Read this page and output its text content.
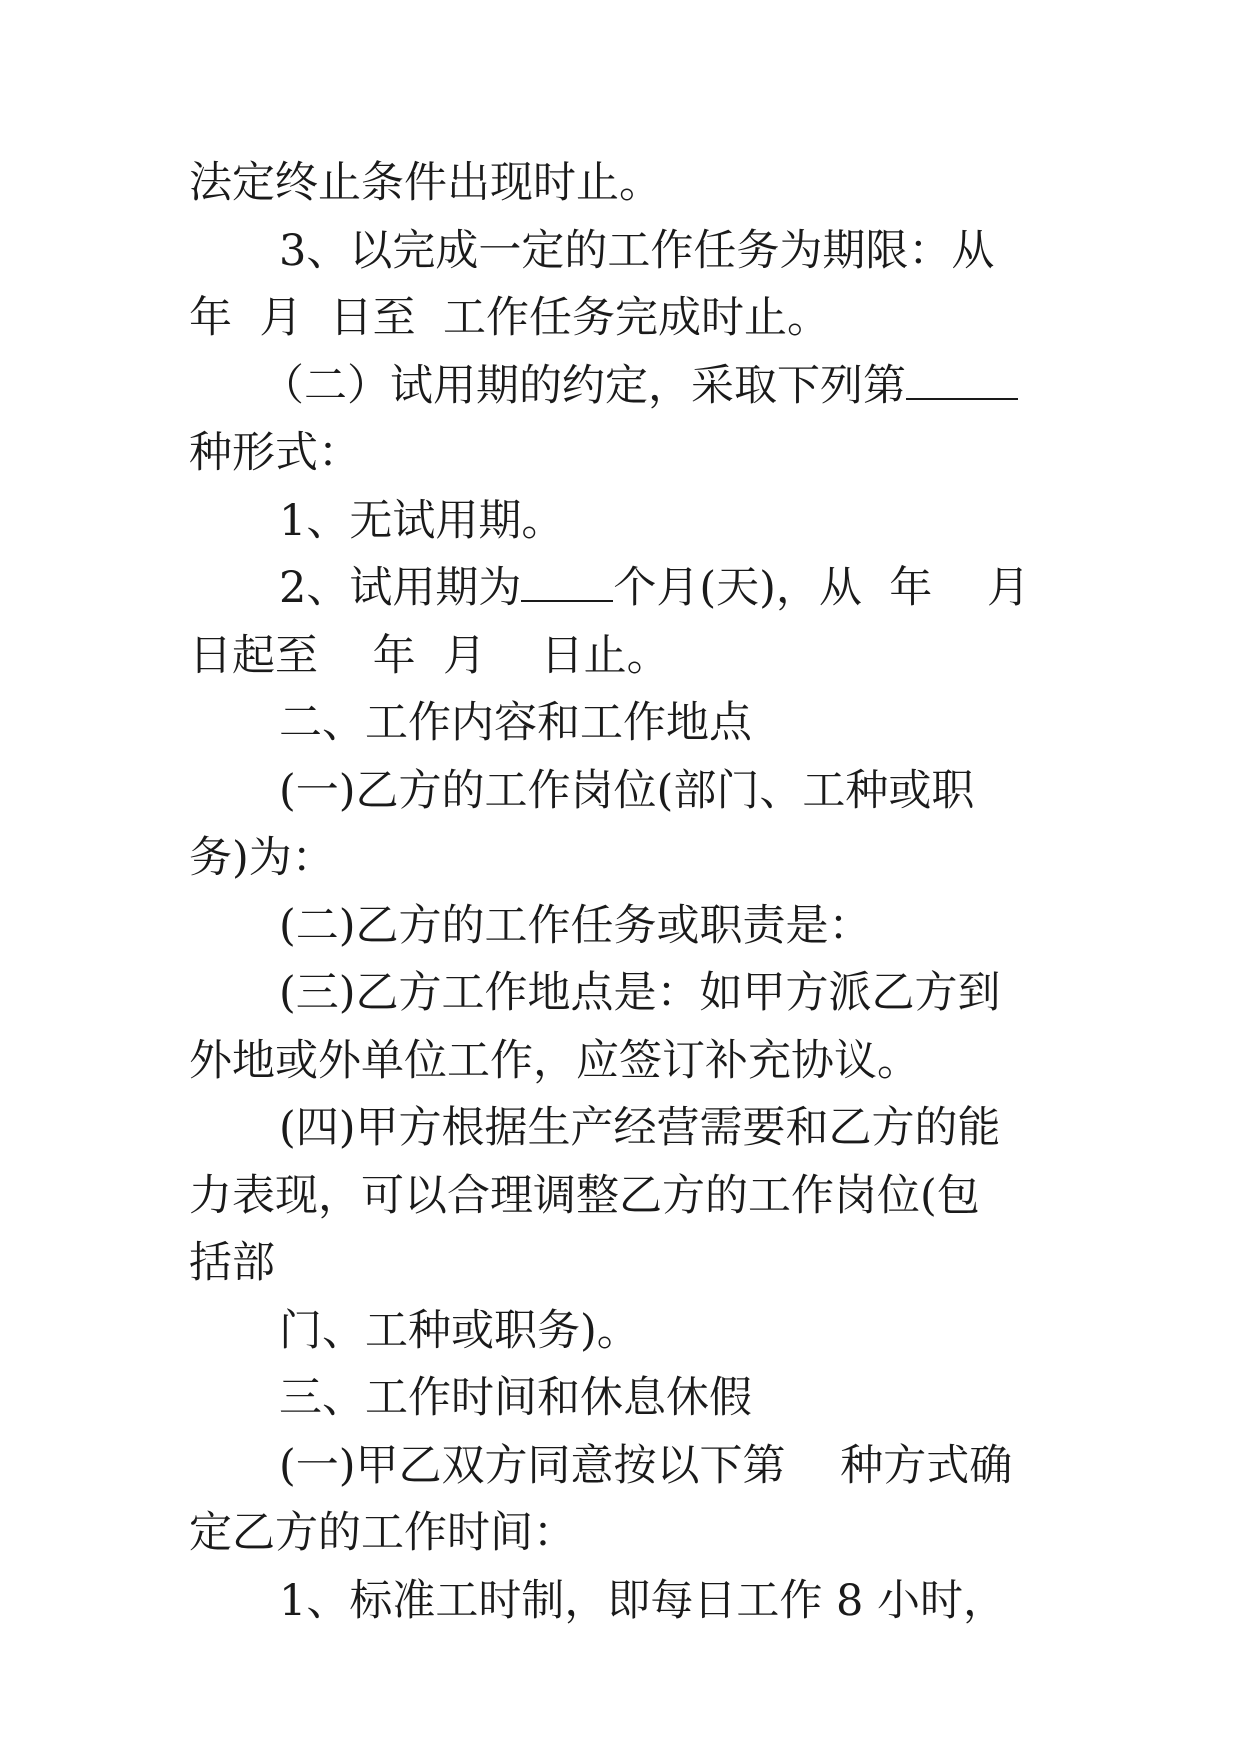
法定终止条件出现时止。
3、以完成一定的工作任务为期限：从
年  月  日至  工作任务完成时止。
（二）试用期的约定，采取下列第
种形式：
1、无试用期。
2、试用期为 个月(天)，从  年    月
日起至    年  月    日止。
二、工作内容和工作地点
(一)乙方的工作岗位(部门、工种或职
务)为：
(二)乙方的工作任务或职责是：
(三)乙方工作地点是：如甲方派乙方到
外地或外单位工作，应签订补充协议。
(四)甲方根据生产经营需要和乙方的能
力表现，可以合理调整乙方的工作岗位(包
括部
门、工种或职务)。
三、工作时间和休息休假
(一)甲乙双方同意按以下第    种方式确
定乙方的工作时间：
1、标准工时制，即每日工作 8 小时，
